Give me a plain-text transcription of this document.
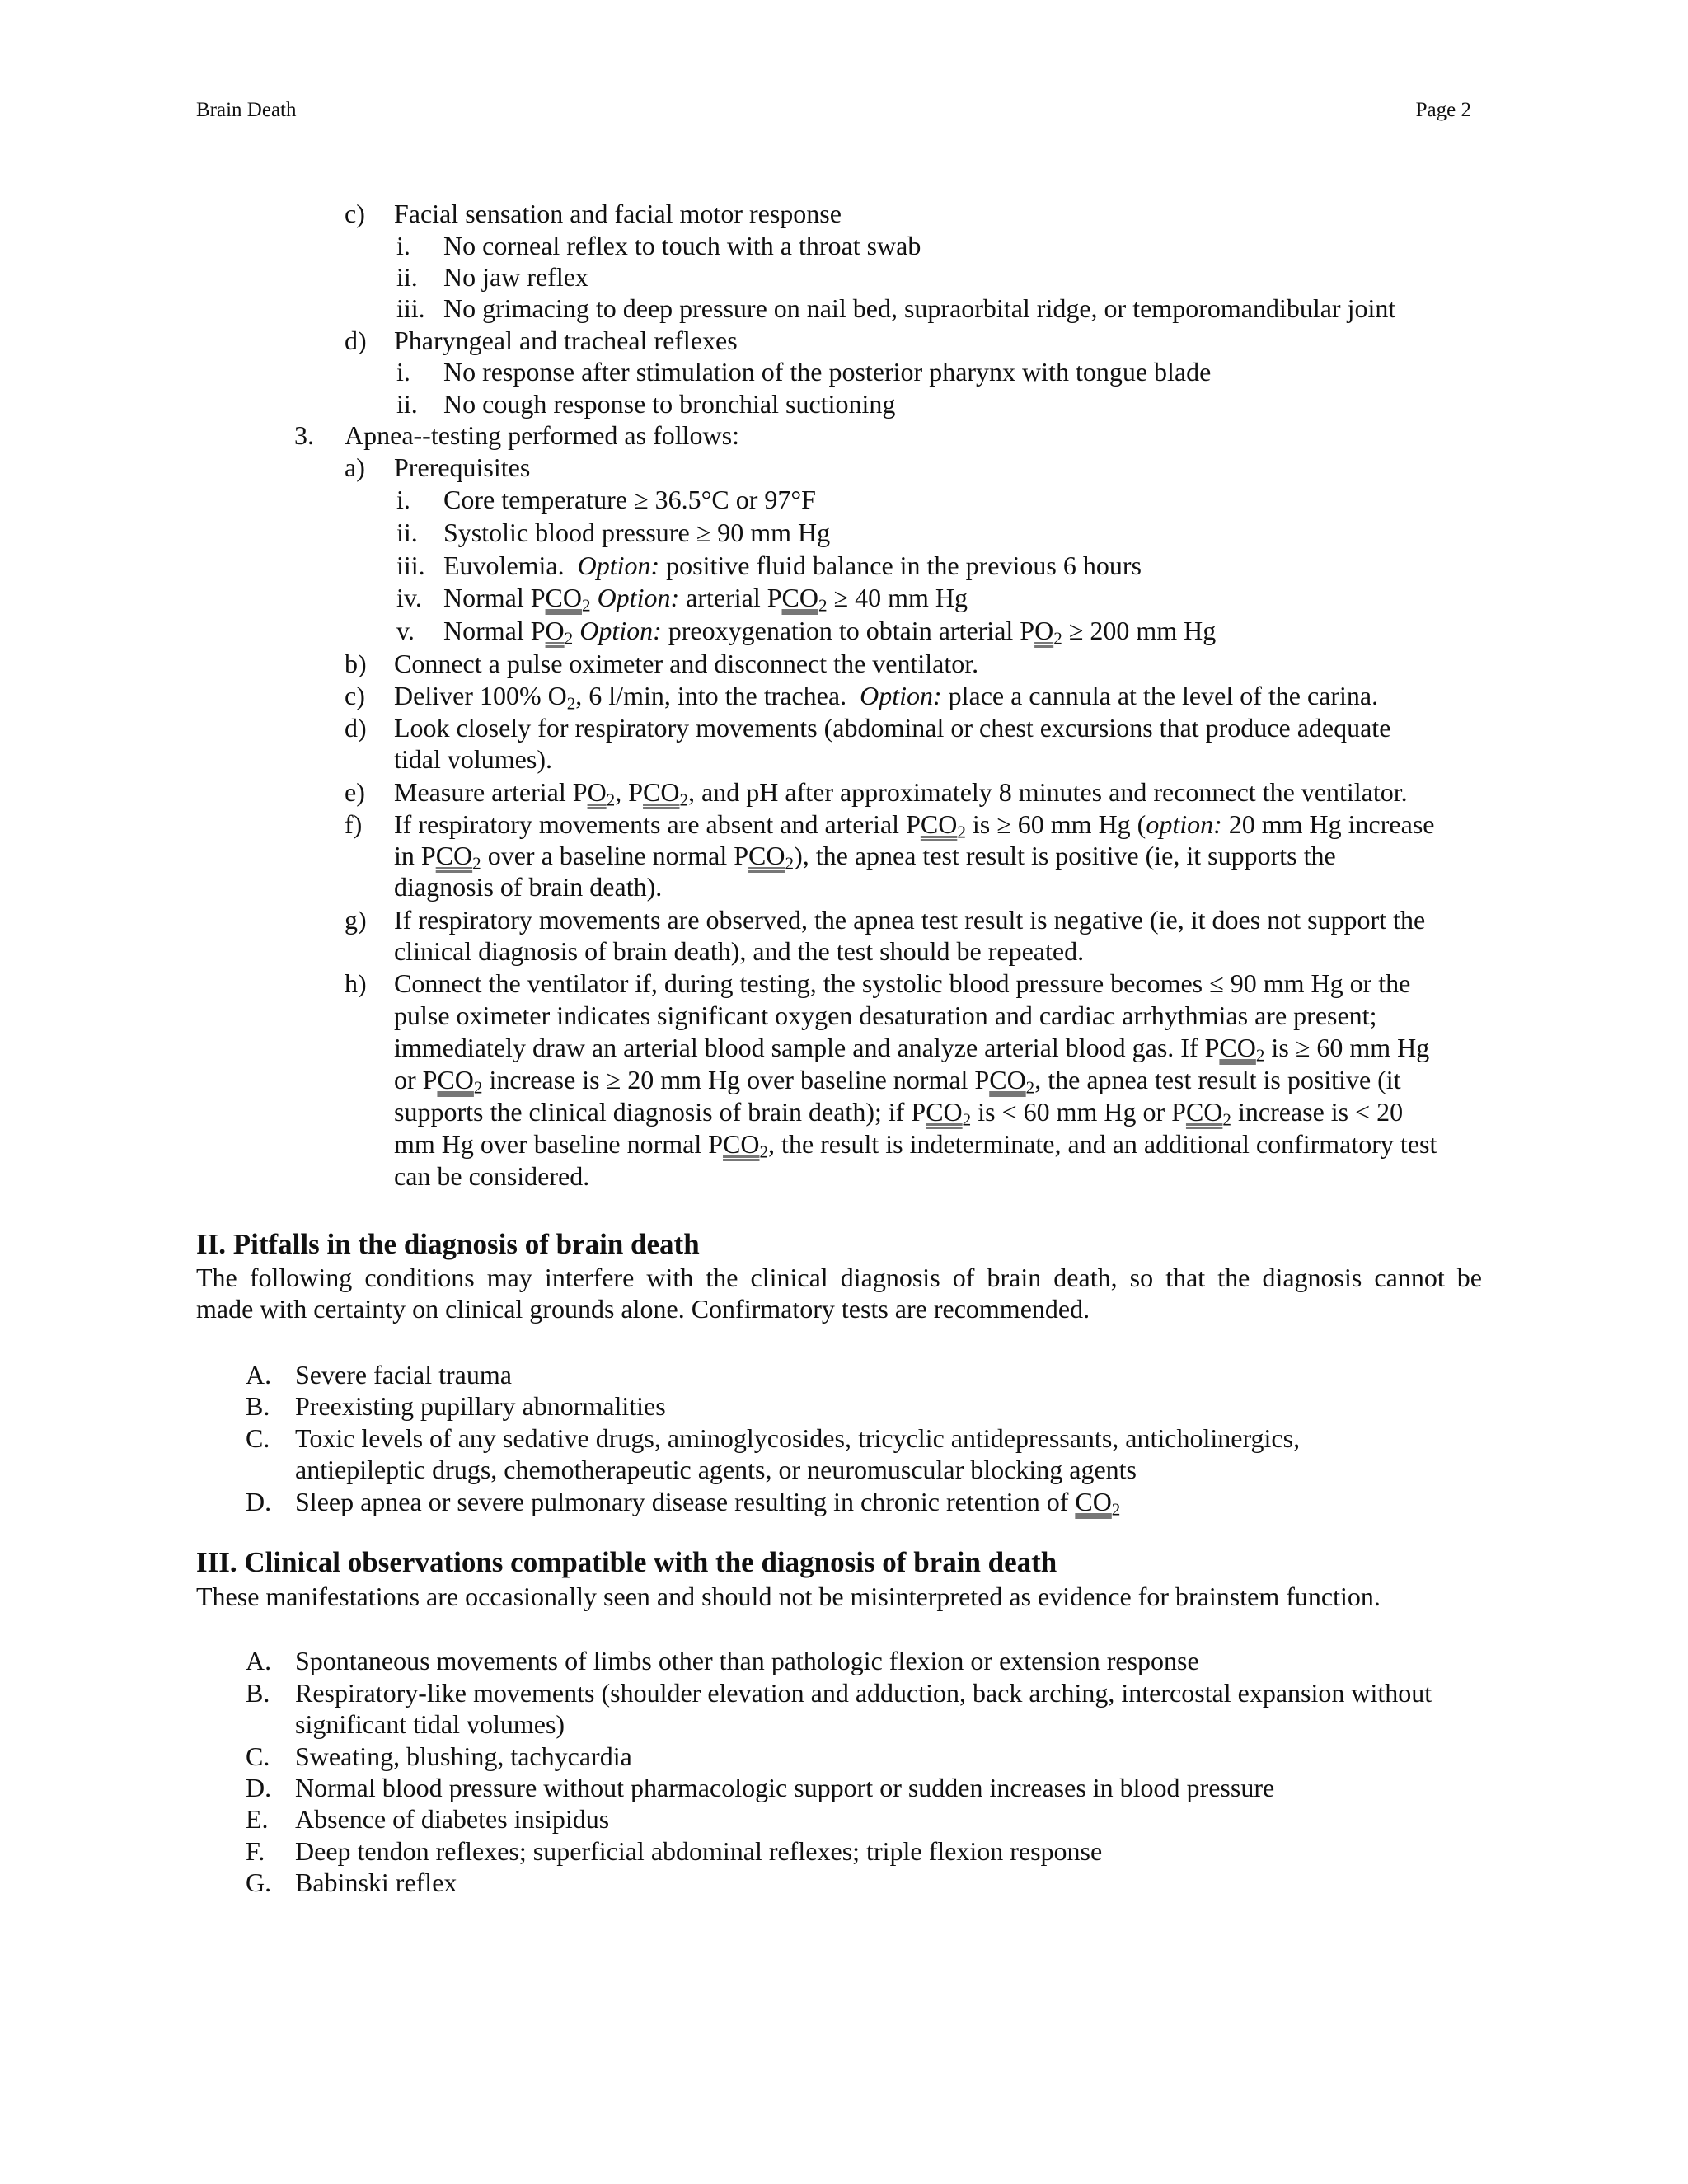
Brain Death	Page 2
c) Facial sensation and facial motor response
i. No corneal reflex to touch with a throat swab
ii. No jaw reflex
iii. No grimacing to deep pressure on nail bed, supraorbital ridge, or temporomandibular joint
d) Pharyngeal and tracheal reflexes
i. No response after stimulation of the posterior pharynx with tongue blade
ii. No cough response to bronchial suctioning
3. Apnea--testing performed as follows:
a) Prerequisites
i. Core temperature ≥ 36.5°C or 97°F
ii. Systolic blood pressure ≥ 90 mm Hg
iii. Euvolemia.  Option: positive fluid balance in the previous 6 hours
iv. Normal $PCO_2$ Option: arterial $PCO_2 \ge 40$ mm Hg
v. Normal $PO_2$ Option: preoxygenation to obtain arterial $PO_2 \ge 200$ mm Hg
b) Connect a pulse oximeter and disconnect the ventilator.
c) Deliver 100% $O_2$, 6 l/min, into the trachea.  Option: place a cannula at the level of the carina.
d) Look closely for respiratory movements (abdominal or chest excursions that produce adequate
tidal volumes).
e) Measure arterial $PO_2$, $PCO_2$, and pH after approximately 8 minutes and reconnect the ventilator.
f) If respiratory movements are absent and arterial $PCO_2$ is ≥ 60 mm Hg (option: 20 mm Hg increase
in $PCO_2$ over a baseline normal $PCO_2$), the apnea test result is positive (ie, it supports the
diagnosis of brain death).
g) If respiratory movements are observed, the apnea test result is negative (ie, it does not support the
clinical diagnosis of brain death), and the test should be repeated.
h) Connect the ventilator if, during testing, the systolic blood pressure becomes ≤ 90 mm Hg or the
pulse oximeter indicates significant oxygen desaturation and cardiac arrhythmias are present;
immediately draw an arterial blood sample and analyze arterial blood gas. If $PCO_2$ is ≥ 60 mm Hg
or $PCO_2$ increase is ≥ 20 mm Hg over baseline normal $PCO_2$, the apnea test result is positive (it
supports the clinical diagnosis of brain death); if $PCO_2$ is < 60 mm Hg or $PCO_2$ increase is < 20
mm Hg over baseline normal $PCO_2$, the result is indeterminate, and an additional confirmatory test
can be considered.
II. Pitfalls in the diagnosis of brain death
The following conditions may interfere with the clinical diagnosis of brain death, so that the diagnosis cannot be
made with certainty on clinical grounds alone. Confirmatory tests are recommended.
A. Severe facial trauma
B. Preexisting pupillary abnormalities
C. Toxic levels of any sedative drugs, aminoglycosides, tricyclic antidepressants, anticholinergics,
antiepileptic drugs, chemotherapeutic agents, or neuromuscular blocking agents
D. Sleep apnea or severe pulmonary disease resulting in chronic retention of $CO_2$
III. Clinical observations compatible with the diagnosis of brain death
These manifestations are occasionally seen and should not be misinterpreted as evidence for brainstem function.
A. Spontaneous movements of limbs other than pathologic flexion or extension response
B. Respiratory-like movements (shoulder elevation and adduction, back arching, intercostal expansion without
significant tidal volumes)
C. Sweating, blushing, tachycardia
D. Normal blood pressure without pharmacologic support or sudden increases in blood pressure
E. Absence of diabetes insipidus
F. Deep tendon reflexes; superficial abdominal reflexes; triple flexion response
G. Babinski reflex
